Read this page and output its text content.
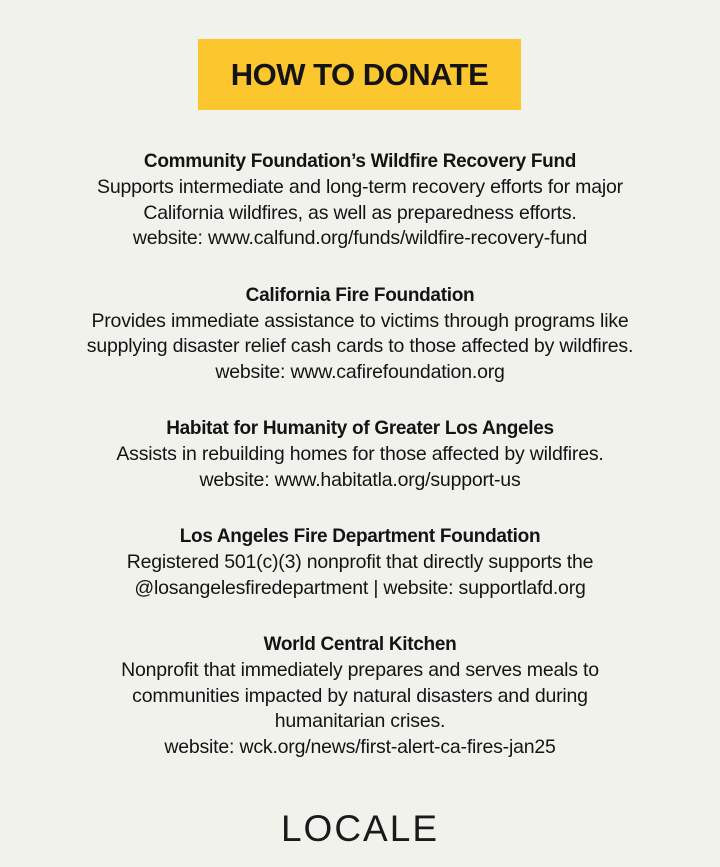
HOW TO DONATE
Community Foundation’s Wildfire Recovery Fund
Supports intermediate and long-term recovery efforts for major
California wildfires, as well as preparedness efforts.
website: www.calfund.org/funds/wildfire-recovery-fund
California Fire Foundation
Provides immediate assistance to victims through programs like
supplying disaster relief cash cards to those affected by wildfires.
website: www.cafirefoundation.org
Habitat for Humanity of Greater Los Angeles
Assists in rebuilding homes for those affected by wildfires.
website: www.habitatla.org/support-us
Los Angeles Fire Department Foundation
Registered 501(c)(3) nonprofit that directly supports the
@losangelesfiredepartment | website: supportlafd.org
World Central Kitchen
Nonprofit that immediately prepares and serves meals to
communities impacted by natural disasters and during
humanitarian crises.
website: wck.org/news/first-alert-ca-fires-jan25
LOCALE
